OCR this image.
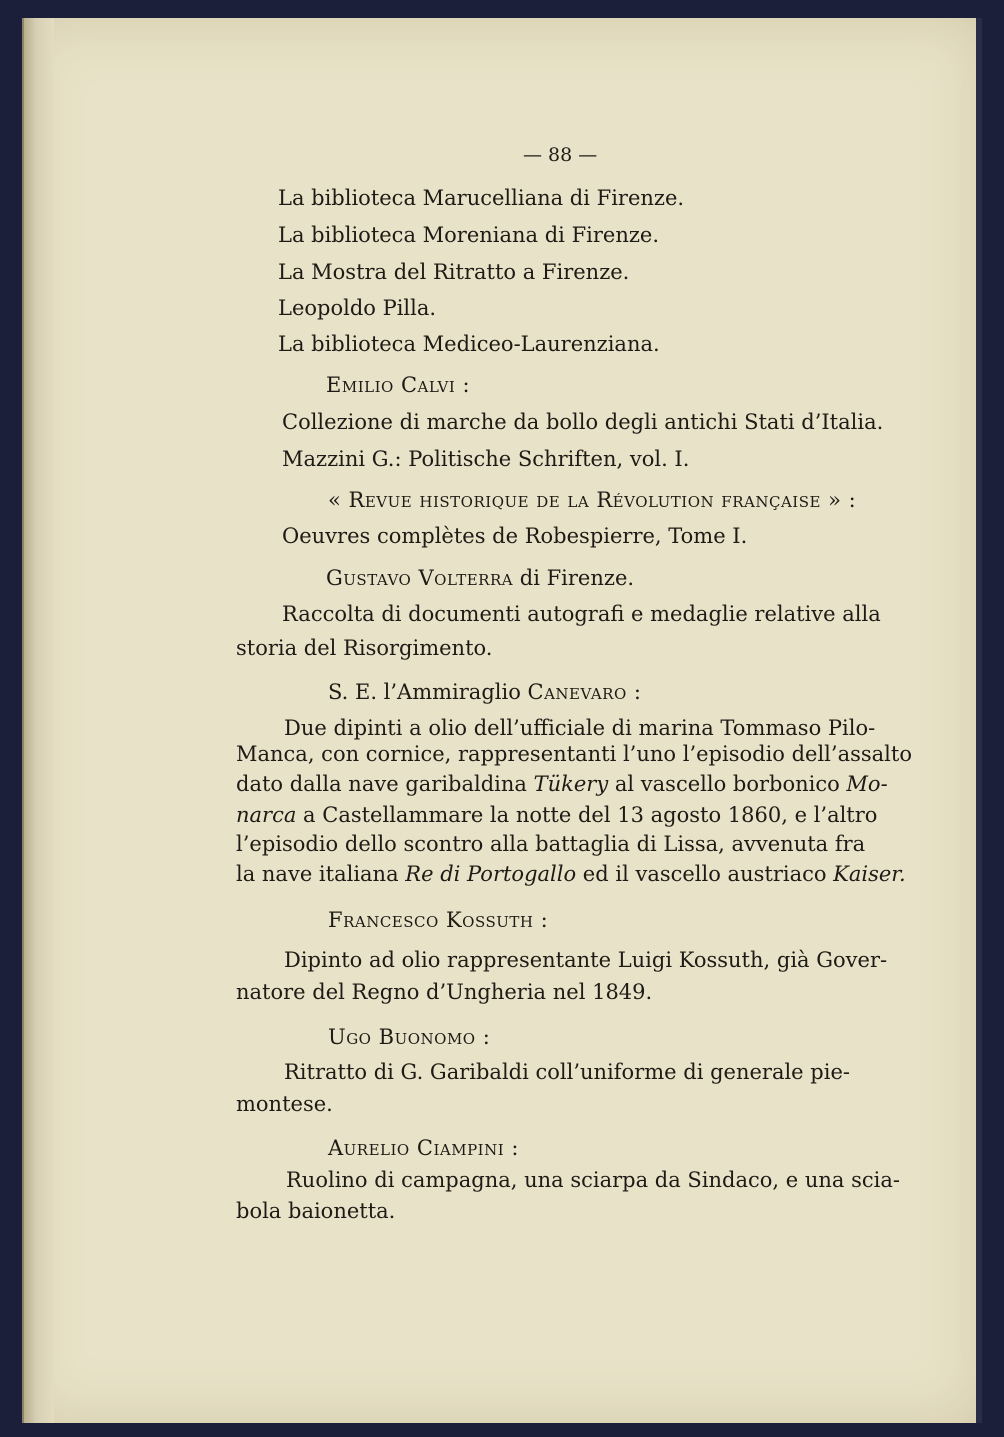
— 88 —
La biblioteca Marucelliana di Firenze.
La biblioteca Moreniana di Firenze.
La Mostra del Ritratto a Firenze.
Leopoldo Pilla.
La biblioteca Mediceo-Laurenziana.
Emilio Calvi :
Collezione di marche da bollo degli antichi Stati d’Italia.
Mazzini G.: Politische Schriften, vol. I.
« Revue historique de la Révolution française » :
Oeuvres complètes de Robespierre, Tome I.
Gustavo Volterra di Firenze.
Raccolta di documenti autografi e medaglie relative alla
storia del Risorgimento.
S. E. l’Ammiraglio Canevaro :
Due dipinti a olio dell’ufficiale di marina Tommaso Pilo-
Manca, con cornice, rappresentanti l’uno l’episodio dell’assalto
dato dalla nave garibaldina Tükery al vascello borbonico Mo-
narca a Castellammare la notte del 13 agosto 1860, e l’altro
l’episodio dello scontro alla battaglia di Lissa, avvenuta fra
la nave italiana Re di Portogallo ed il vascello austriaco Kaiser.
Francesco Kossuth :
Dipinto ad olio rappresentante Luigi Kossuth, già Gover-
natore del Regno d’Ungheria nel 1849.
Ugo Buonomo :
Ritratto di G. Garibaldi coll’uniforme di generale pie-
montese.
Aurelio Ciampini :
Ruolino di campagna, una sciarpa da Sindaco, e una scia-
bola baionetta.
